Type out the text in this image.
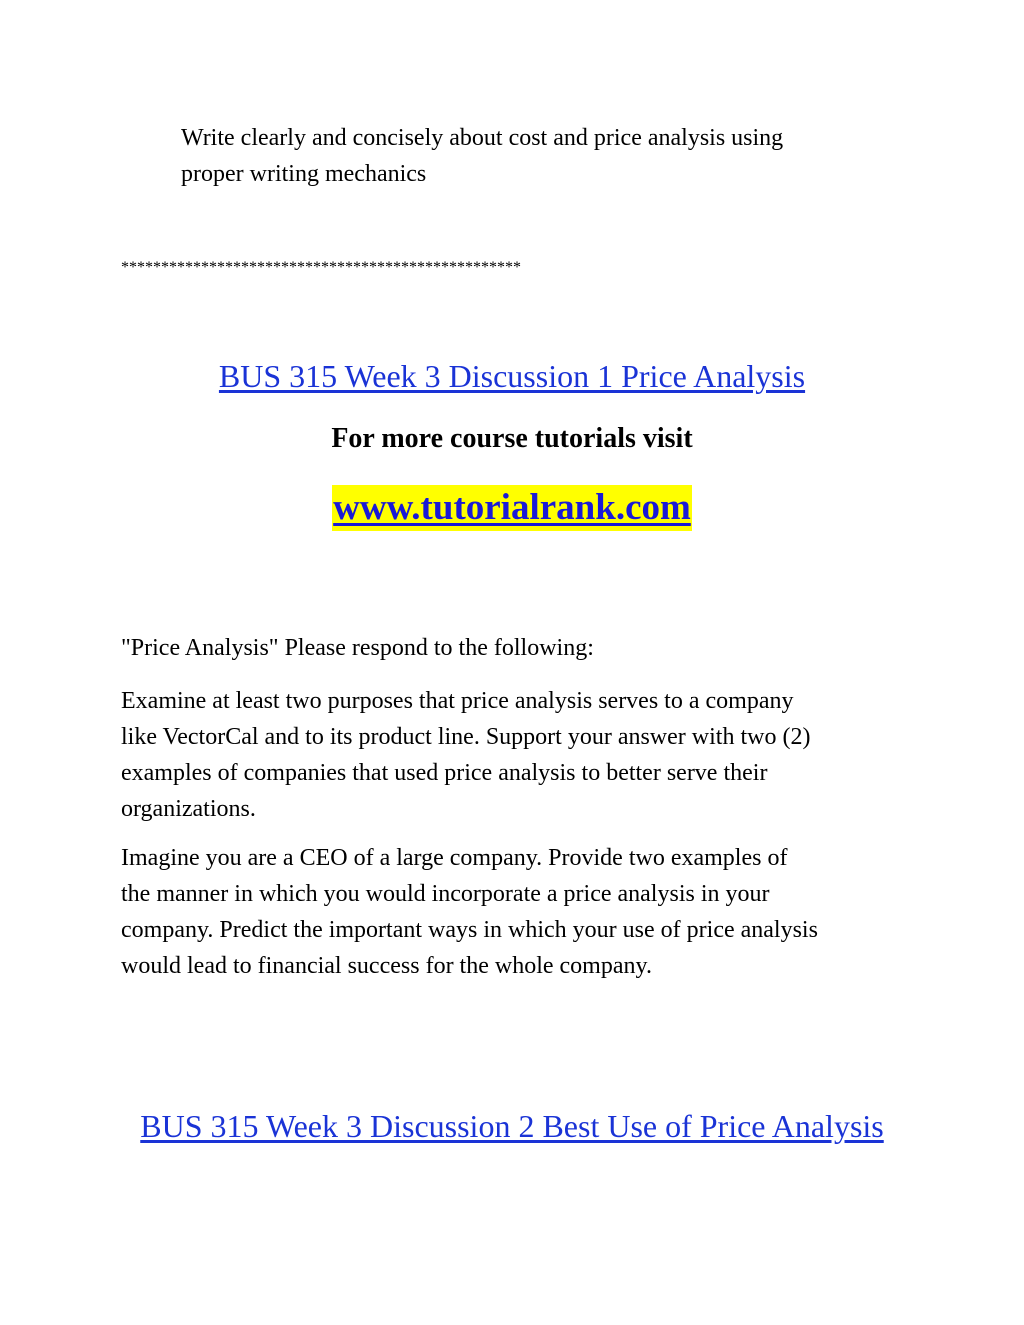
Write clearly and concisely about cost and price analysis using
proper writing mechanics

**************************************************

BUS 315 Week 3 Discussion 1 Price Analysis

For more course tutorials visit

www.tutorialrank.com

"Price Analysis" Please respond to the following:

Examine at least two purposes that price analysis serves to a company
like VectorCal and to its product line. Support your answer with two (2)
examples of companies that used price analysis to better serve their
organizations.

Imagine you are a CEO of a large company. Provide two examples of
the manner in which you would incorporate a price analysis in your
company. Predict the important ways in which your use of price analysis
would lead to financial success for the whole company.

BUS 315 Week 3 Discussion 2 Best Use of Price Analysis
